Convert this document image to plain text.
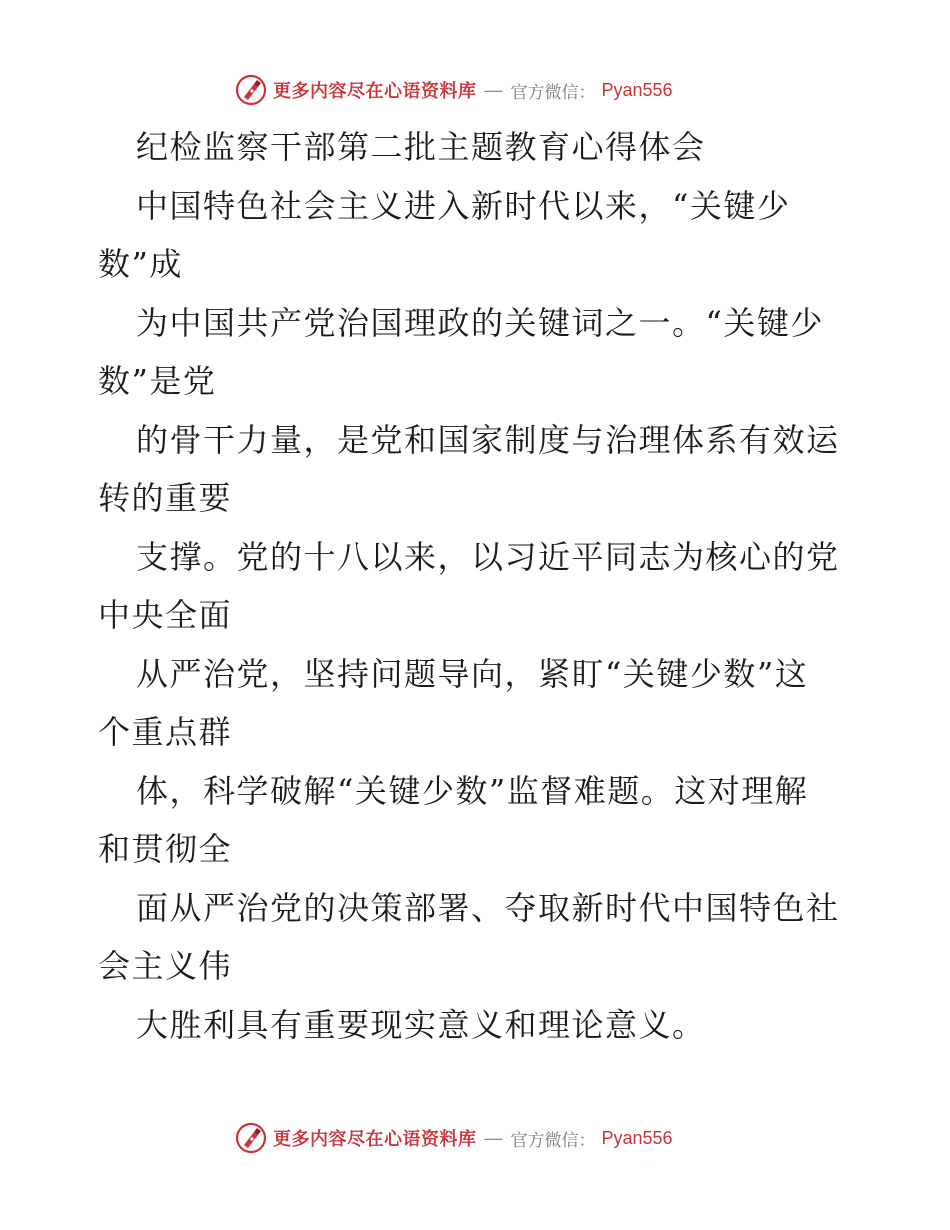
更多内容尽在心语资料库 — 官方微信： Pyan556
纪检监察干部第二批主题教育心得体会
中国特色社会主义进入新时代以来，“关键少
数”成
为中国共产党治国理政的关键词之一。“关键少
数”是党
的骨干力量，是党和国家制度与治理体系有效运
转的重要
支撑。党的十八以来，以习近平同志为核心的党
中央全面
从严治党，坚持问题导向，紧盯“关键少数”这
个重点群
体，科学破解“关键少数”监督难题。这对理解
和贯彻全
面从严治党的决策部署、夺取新时代中国特色社
会主义伟
大胜利具有重要现实意义和理论意义。
更多内容尽在心语资料库 — 官方微信： Pyan556
